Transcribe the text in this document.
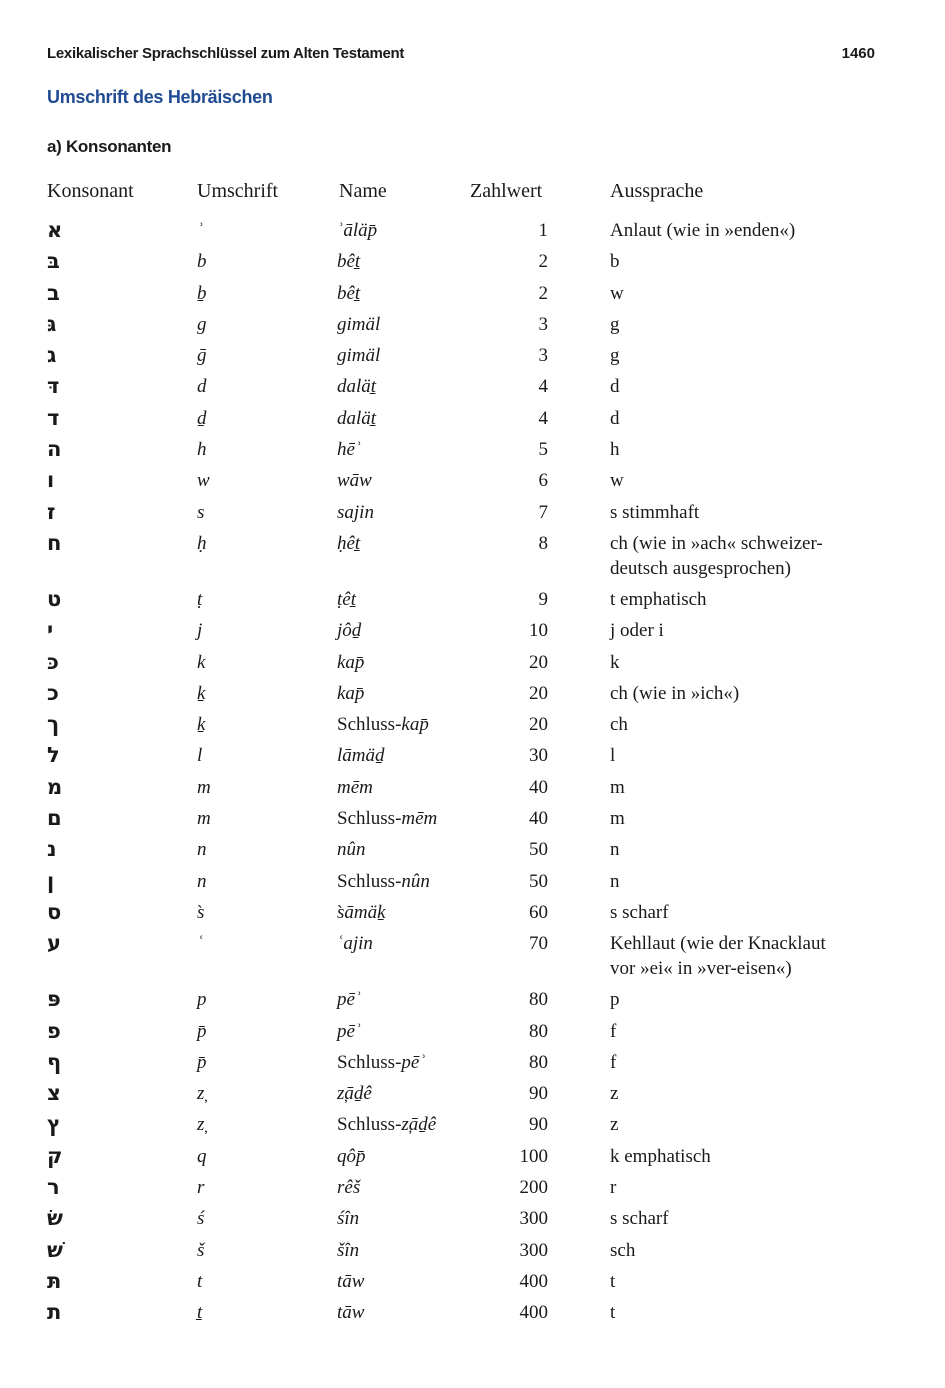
Lexikalischer Sprachschlüssel zum Alten Testament	1460
Umschrift des Hebräischen
a) Konsonanten
Konsonant	Umschrift	Name	Zahlwert	Aussprache
א	ʾ	ʾāläp̄	1	Anlaut (wie in »enden«)
בּ	b	bêṯ	2	b
ב	ḇ	bêṯ	2	w
גּ	g	gimäl	3	g
ג	ḡ	gimäl	3	g
דּ	d	daläṯ	4	d
ד	ḏ	daläṯ	4	d
ה	h	hēʾ	5	h
ו	w	wāw	6	w
ז	s	sajin	7	s stimmhaft
ח	ḥ	ḥêṯ	8	ch (wie in »ach« schweizer-
deutsch ausgesprochen)
ט	ṭ	ṭêṯ	9	t emphatisch
י	j	jôḏ	10	j oder i
כּ	k	kap̄	20	k
כ	ḵ	kap̄	20	ch (wie in »ich«)
ך	ḵ	Schluss-kap̄	20	ch
ל	l	lāmäḏ	30	l
מ	m	mēm	40	m
ם	m	Schluss-mēm	40	m
נ	n	nûn	50	n
ן	n	Schluss-nûn	50	n
ס	s̀	s̀āmäḵ	60	s scharf
ע	ʿ	ʿajin	70	Kehllaut (wie der Knacklaut
vor »ei« in »ver-eisen«)
פּ	p	pēʾ	80	p
פ	p̄	pēʾ	80	f
ף	p̄	Schluss-pēʾ	80	f
צ	z̦	z̦āḏê	90	z
ץ	z̦	Schluss-z̦āḏê	90	z
ק	q	qôp̄	100	k emphatisch
ר	r	rêš	200	r
שׂ	ś	śîn	300	s scharf
שׁ	š	šîn	300	sch
תּ	t	tāw	400	t
ת	ṯ	tāw	400	t
